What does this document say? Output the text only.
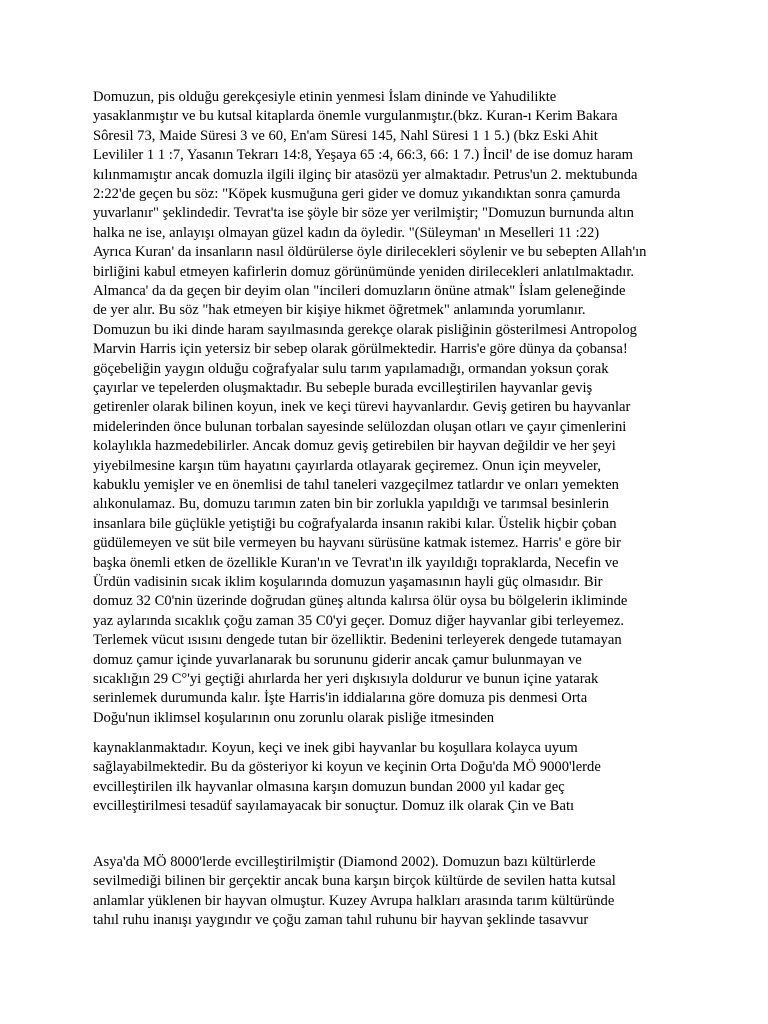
Domuzun, pis olduğu gerekçesiyle etinin yenmesi İslam dininde ve Yahudilikte

yasaklanmıştır ve bu kutsal kitaplarda önemle vurgulanmıştır.(bkz. Kuran-ı Kerim Bakara

Sôresil 73, Maide Süresi 3 ve 60, En'am Süresi 145, Nahl Süresi 1 1 5.) (bkz Eski Ahit

Levililer 1 1 :7, Yasanın Tekrarı 14:8, Yeşaya 65 :4, 66:3, 66: 1 7.) İncil' de ise domuz haram

kılınmamıştır ancak domuzla ilgili ilginç bir atasözü yer almaktadır. Petrus'un 2. mektubunda

2:22'de geçen bu söz: "Köpek kusmuğuna geri gider ve domuz yıkandıktan sonra çamurda

yuvarlanır" şeklindedir. Tevrat'ta ise şöyle bir söze yer verilmiştir; "Domuzun burnunda altın

halka ne ise, anlayışı olmayan güzel kadın da öyledir. "(Süleyman' ın Meselleri 11 :22)

Ayrıca Kuran' da insanların nasıl öldürülerse öyle dirilecekleri söylenir ve bu sebepten Allah'ın

birliğini kabul etmeyen kafirlerin domuz görünümünde yeniden dirilecekleri anlatılmaktadır.

Almanca' da da geçen bir deyim olan "incileri domuzların önüne atmak" İslam geleneğinde

de yer alır. Bu söz "hak etmeyen bir kişiye hikmet öğretmek" anlamında yorumlanır.

Domuzun bu iki dinde haram sayılmasında gerekçe olarak pisliğinin gösterilmesi Antropolog

Marvin Harris için yetersiz bir sebep olarak görülmektedir. Harris'e göre dünya da çobansa!

göçebeliğin yaygın olduğu coğrafyalar sulu tarım yapılamadığı, ormandan yoksun çorak

çayırlar ve tepelerden oluşmaktadır. Bu sebeple burada evcilleştirilen hayvanlar geviş

getirenler olarak bilinen koyun, inek ve keçi türevi hayvanlardır. Geviş getiren bu hayvanlar

midelerinden önce bulunan torbalan sayesinde selülozdan oluşan otları ve çayır çimenlerini

kolaylıkla hazmedebilirler. Ancak domuz geviş getirebilen bir hayvan değildir ve her şeyi

yiyebilmesine karşın tüm hayatını çayırlarda otlayarak geçiremez. Onun için meyveler,

kabuklu yemişler ve en önemlisi de tahıl taneleri vazgeçilmez tatlardır ve onları yemekten

alıkonulamaz. Bu, domuzu tarımın zaten bin bir zorlukla yapıldığı ve tarımsal besinlerin

insanlara bile güçlükle yetiştiği bu coğrafyalarda insanın rakibi kılar. Üstelik hiçbir çoban

güdülemeyen ve süt bile vermeyen bu hayvanı sürüsüne katmak istemez. Harris' e göre bir

başka önemli etken de özellikle Kuran'ın ve Tevrat'ın ilk yayıldığı topraklarda, Necefin ve

Ürdün vadisinin sıcak iklim koşularında domuzun yaşamasının hayli güç olmasıdır. Bir

domuz 32 C0'nin üzerinde doğrudan güneş altında kalırsa ölür oysa bu bölgelerin ikliminde

yaz aylarında sıcaklık çoğu zaman 35 C0'yi geçer. Domuz diğer hayvanlar gibi terleyemez.

Terlemek vücut ısısını dengede tutan bir özelliktir. Bedenini terleyerek dengede tutamayan

domuz çamur içinde yuvarlanarak bu sorununu giderir ancak çamur bulunmayan ve

sıcaklığın 29 C°'yi geçtiği ahırlarda her yeri dışkısıyla doldurur ve bunun içine yatarak

serinlemek durumunda kalır. İşte Harris'in iddialarına göre domuza pis denmesi Orta

Doğu'nun iklimsel koşularının onu zorunlu olarak pisliğe itmesinden

kaynaklanmaktadır. Koyun, keçi ve inek gibi hayvanlar bu koşullara kolayca uyum

sağlayabilmektedir. Bu da gösteriyor ki koyun ve keçinin Orta Doğu'da MÖ 9000'lerde

evcilleştirilen ilk hayvanlar olmasına karşın domuzun bundan 2000 yıl kadar geç

evcilleştirilmesi tesadüf sayılamayacak bir sonuçtur. Domuz ilk olarak Çin ve Batı

Asya'da MÖ 8000'lerde evcilleştirilmiştir (Diamond 2002). Domuzun bazı kültürlerde

sevilmediği bilinen bir gerçektir ancak buna karşın birçok kültürde de sevilen hatta kutsal

anlamlar yüklenen bir hayvan olmuştur. Kuzey Avrupa halkları arasında tarım kültüründe

tahıl ruhu inanışı yaygındır ve çoğu zaman tahıl ruhunu bir hayvan şeklinde tasavvur
